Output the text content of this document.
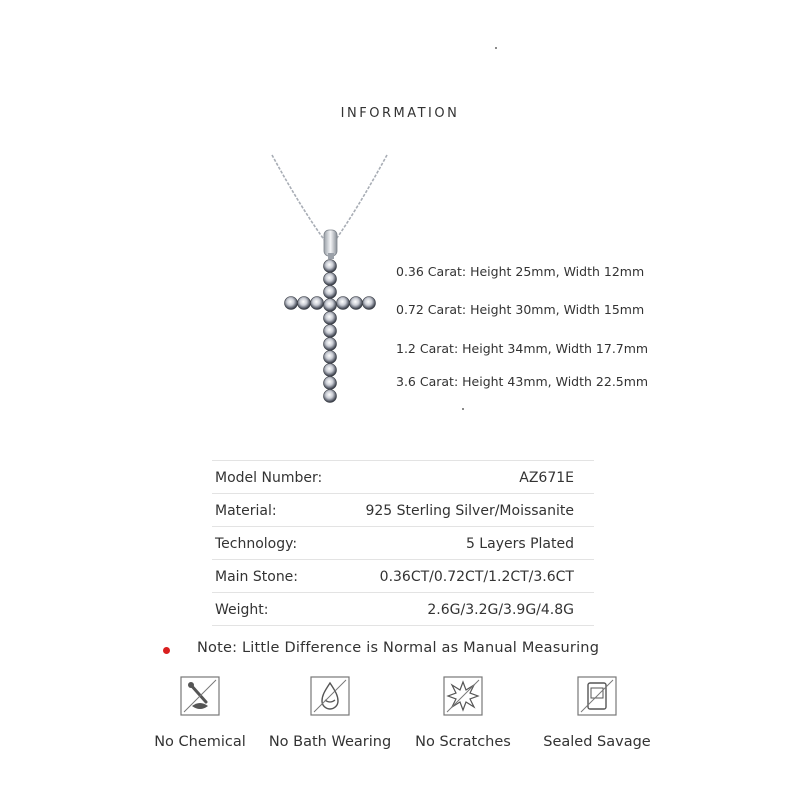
INFORMATION
0.36 Carat: Height 25mm, Width 12mm
0.72 Carat: Height 30mm, Width 15mm
1.2 Carat: Height 34mm, Width 17.7mm
3.6 Carat: Height 43mm, Width 22.5mm
Model Number:	AZ671E
Material:	925 Sterling Silver/Moissanite
Technology:	5 Layers Plated
Main Stone:	0.36CT/0.72CT/1.2CT/3.6CT
Weight:	2.6G/3.2G/3.9G/4.8G
Note: Little Difference is Normal as Manual Measuring
No Chemical	No Bath Wearing	No Scratches	Sealed Savage
